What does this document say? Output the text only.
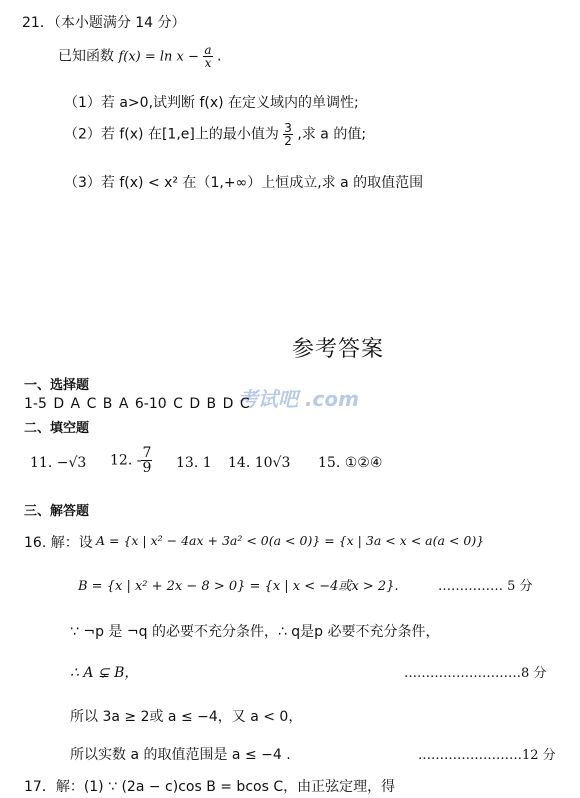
21．（本小题满分 14 分）
已知函数 $f(x) = \ln x - \frac{a}{x}$ .
（1）若 a>0,试判断 f(x) 在定义域内的单调性;
（2）若 f(x) 在[1,e]上的最小值为 $\frac{3}{2}$ ,求 a 的值;
（3）若 f(x) < x² 在（1,+∞）上恒成立,求 a 的取值范围
参考答案
考试吧 .com
一、选择题
1-5 D A C B A 6-10 C D B D C
二、填空题
11. −√3 12. - $\frac{7}{9} 13$. 1 14. 10√3 15. ①②④
三、解答题
16. 解：设 A = {x | x² − 4ax + 3a² < 0(a < 0)} = {x | 3a < x < a(a < 0)}
B = {x | x² + 2x − 8 > 0} = {x | x < −4或x > 2}.	…………… 5 分
∵ ¬p 是 ¬q 的必要不充分条件，∴ q是p 必要不充分条件，
∴ A ⊊ B，	………………………8 分
所以 3a ≥ 2或 a ≤ −4，又 a < 0，
所以实数 a 的取值范围是 a ≤ −4 .	……………………12 分
17．解：(1) ∵ (2a − c)cos B = bcos C，由正弦定理，得
